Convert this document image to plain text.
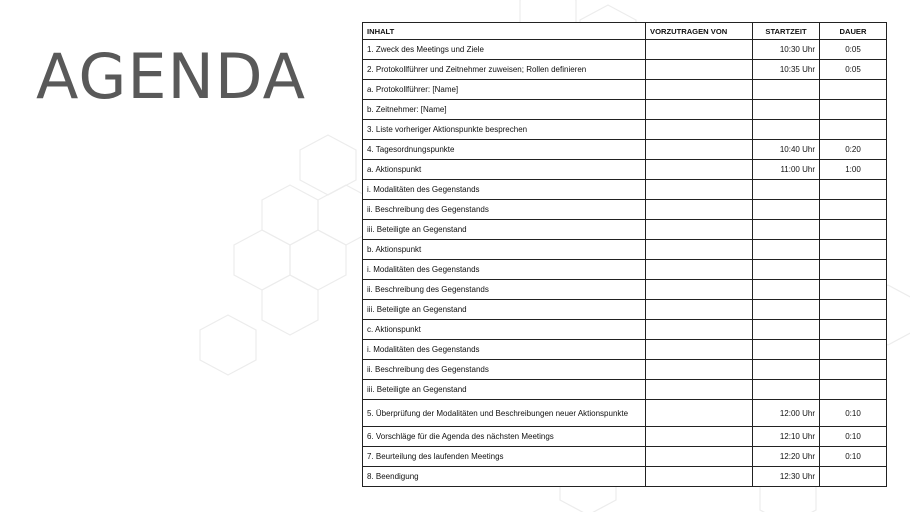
AGENDA
INHALT	VORZUTRAGEN VON	STARTZEIT	DAUER
1. Zweck des Meetings und Ziele		10:30 Uhr	0:05
2. Protokollführer und Zeitnehmer zuweisen; Rollen definieren		10:35 Uhr	0:05
a. Protokollführer: [Name]			
b. Zeitnehmer: [Name]			
3. Liste vorheriger Aktionspunkte besprechen			
4. Tagesordnungspunkte		10:40 Uhr	0:20
a. Aktionspunkt		11:00 Uhr	1:00
i. Modalitäten des Gegenstands			
ii. Beschreibung des Gegenstands			
iii. Beteiligte an Gegenstand			
b. Aktionspunkt			
i. Modalitäten des Gegenstands			
ii. Beschreibung des Gegenstands			
iii. Beteiligte an Gegenstand			
c. Aktionspunkt			
i. Modalitäten des Gegenstands			
ii. Beschreibung des Gegenstands			
iii. Beteiligte an Gegenstand			
5. Überprüfung der Modalitäten und Beschreibungen neuer Aktionspunkte		12:00 Uhr	0:10
6. Vorschläge für die Agenda des nächsten Meetings		12:10 Uhr	0:10
7. Beurteilung des laufenden Meetings		12:20 Uhr	0:10
8. Beendigung		12:30 Uhr	
